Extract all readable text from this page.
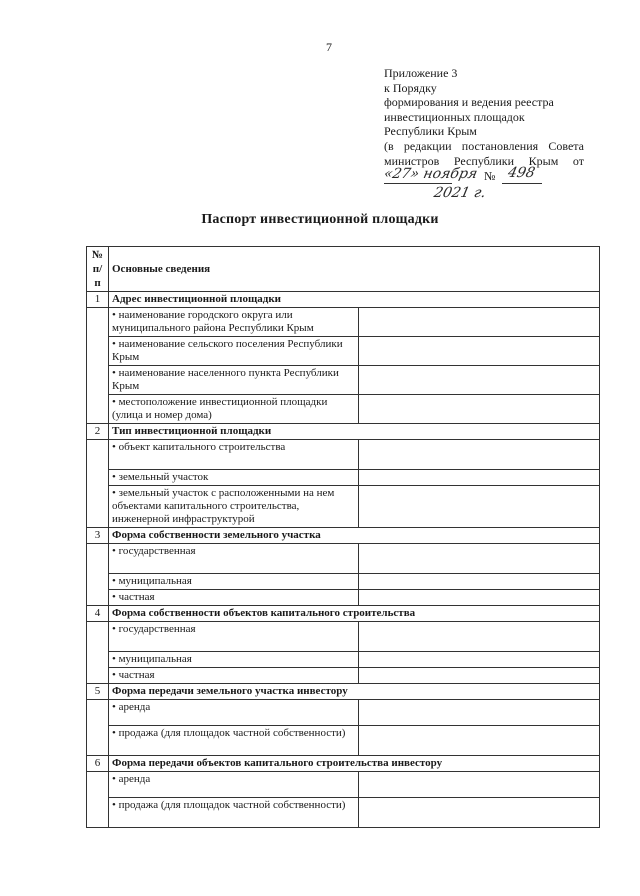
7
Приложение 3
к Порядку
формирования и ведения реестра
инвестиционных площадок
Республики Крым
(в редакции постановления Совета
министров Республики Крым от
«27» ноября № 498
2021 г.
Паспорт инвестиционной площадки
№ п/п	Основные сведения	
1	Адрес инвестиционной площадки	
	• наименование городского округа или муниципального района Республики Крым	
	• наименование сельского поселения Республики Крым	
	• наименование населенного пункта Республики Крым	
	• местоположение инвестиционной площадки (улица и номер дома)	
2	Тип инвестиционной площадки	
	• объект капитального строительства	
	• земельный участок	
	• земельный участок с расположенными на нем объектами капитального строительства, инженерной инфраструктурой	
3	Форма собственности земельного участка	
	• государственная	
	• муниципальная	
	• частная	
4	Форма собственности объектов капитального строительства	
	• государственная	
	• муниципальная	
	• частная	
5	Форма передачи земельного участка инвестору	
	• аренда	
	• продажа (для площадок частной собственности)	
6	Форма передачи объектов капитального строительства инвестору	
	• аренда	
	• продажа (для площадок частной собственности)	
